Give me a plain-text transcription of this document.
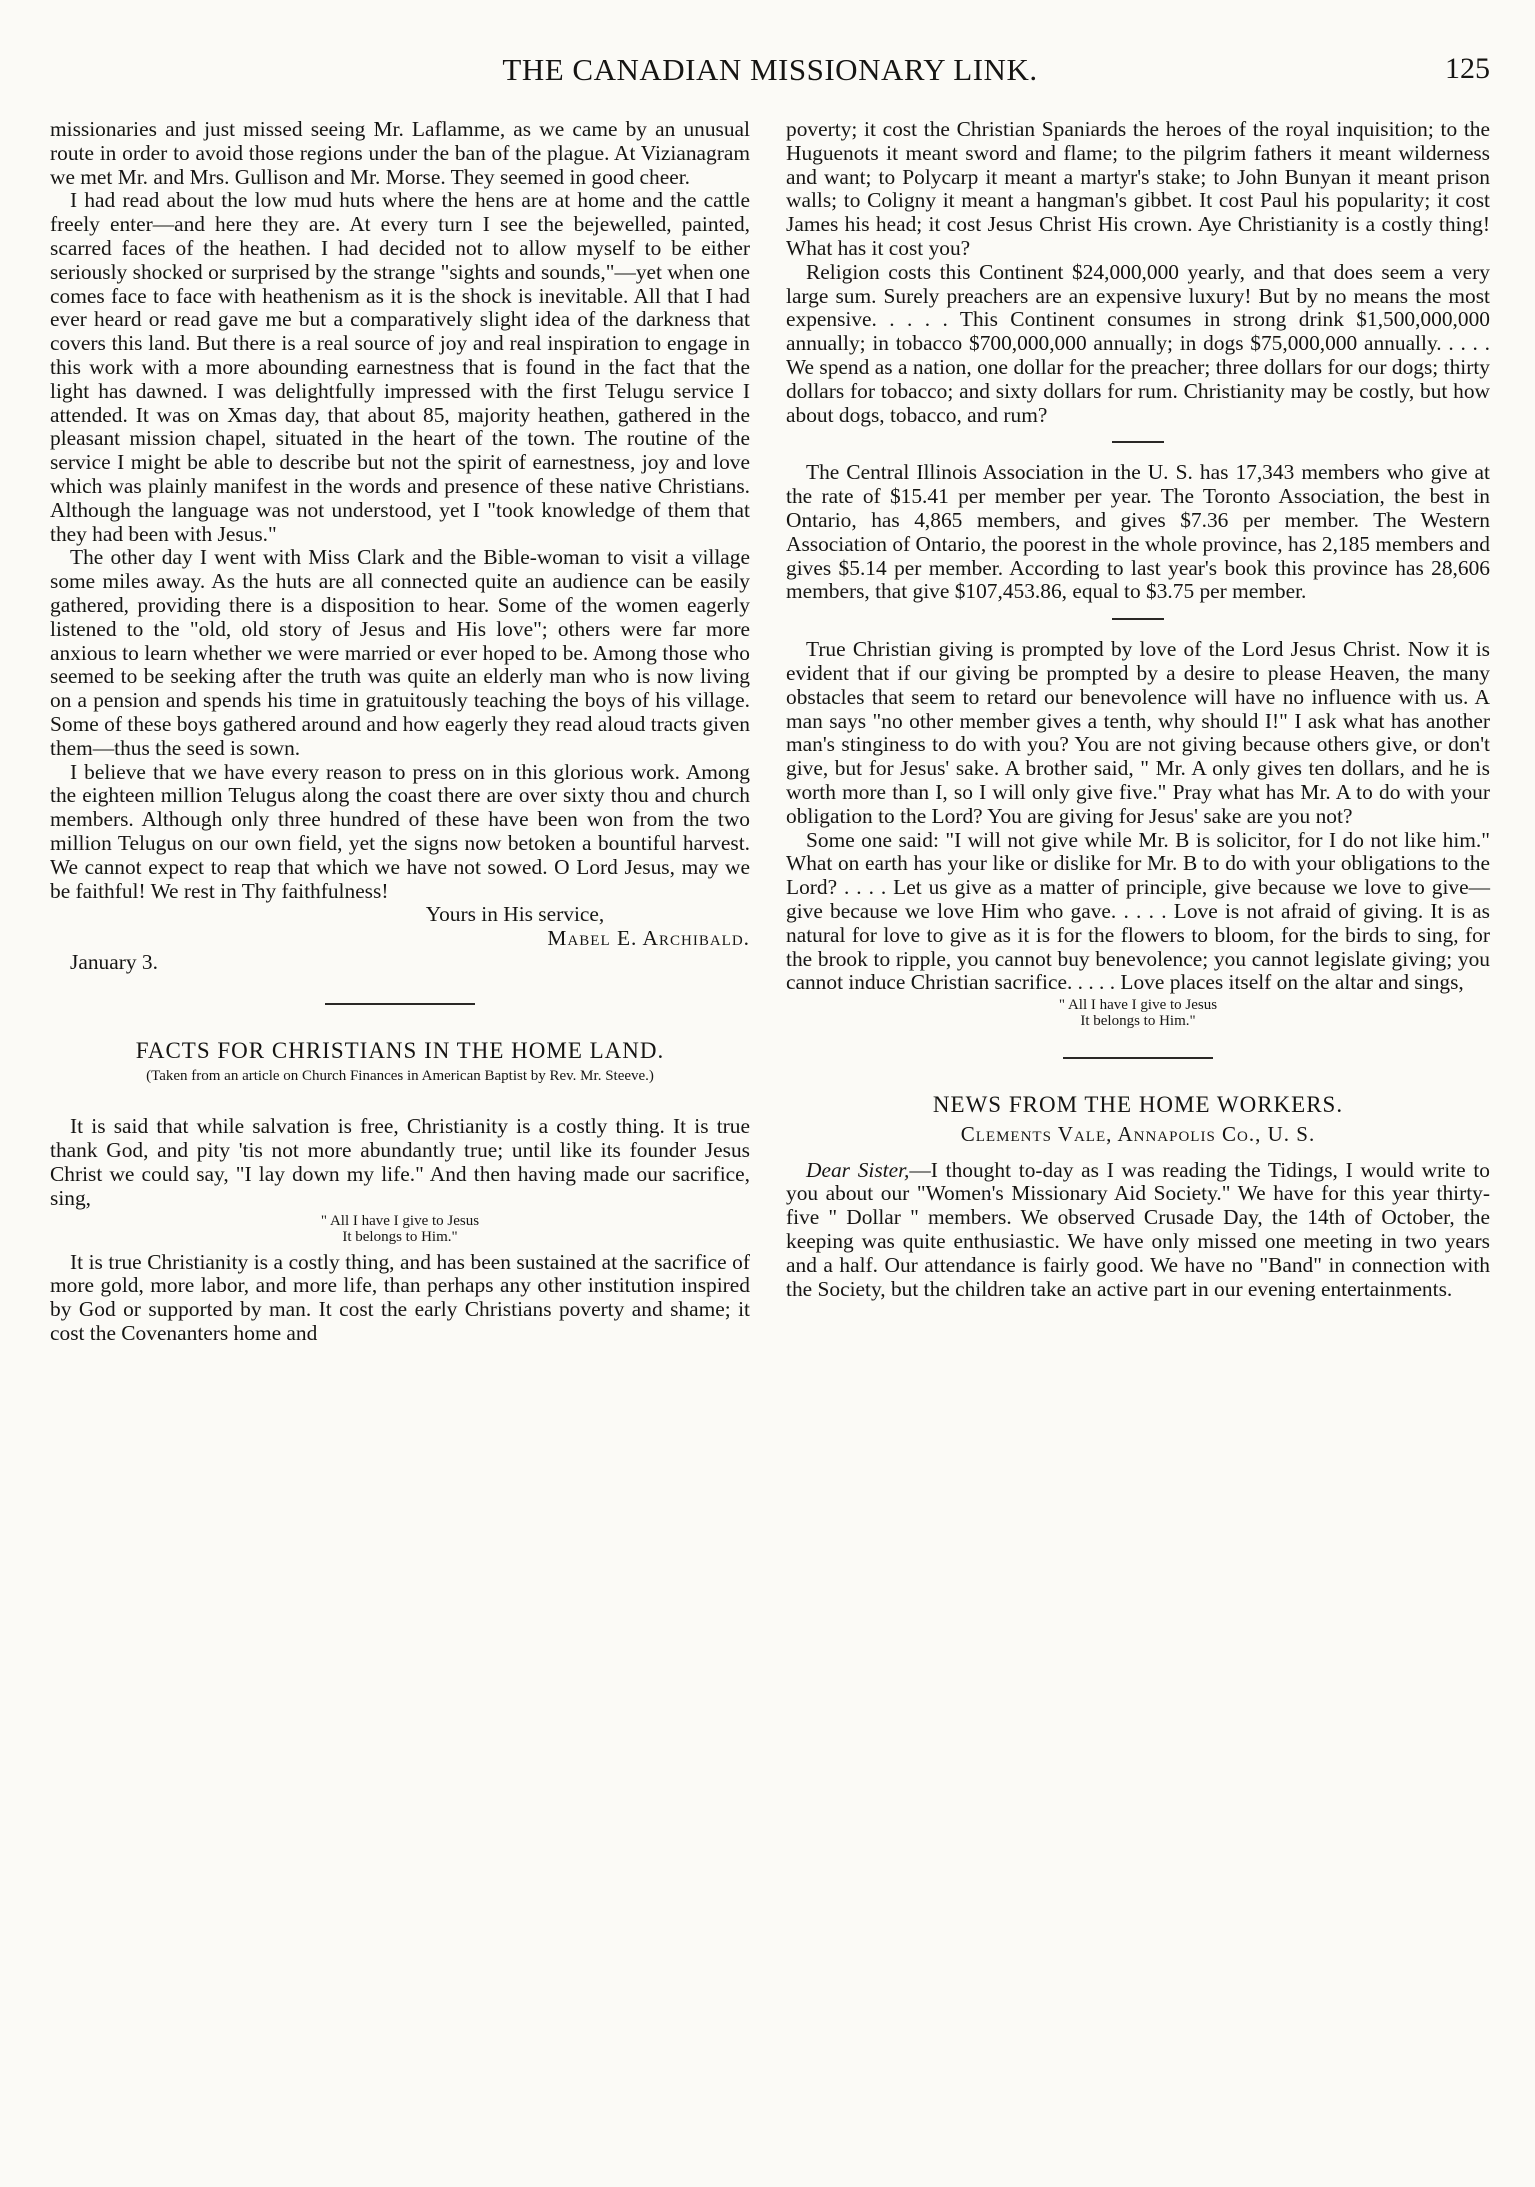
THE CANADIAN MISSIONARY LINK.	125

missionaries and just missed seeing Mr. Laflamme, as we came by an unusual route in order to avoid those regions under the ban of the plague. At Vizianagram we met Mr. and Mrs. Gullison and Mr. Morse. They seemed in good cheer.

I had read about the low mud huts where the hens are at home and the cattle freely enter—and here they are. At every turn I see the bejewelled, painted, scarred faces of the heathen. I had decided not to allow myself to be either seriously shocked or surprised by the strange "sights and sounds,"—yet when one comes face to face with heathenism as it is the shock is inevitable. All that I had ever heard or read gave me but a comparatively slight idea of the darkness that covers this land. But there is a real source of joy and real inspiration to engage in this work with a more abounding earnestness that is found in the fact that the light has dawned. I was delightfully impressed with the first Telugu service I attended. It was on Xmas day, that about 85, majority heathen, gathered in the pleasant mission chapel, situated in the heart of the town. The routine of the service I might be able to describe but not the spirit of earnestness, joy and love which was plainly manifest in the words and presence of these native Christians. Although the language was not understood, yet I "took knowledge of them that they had been with Jesus."

The other day I went with Miss Clark and the Bible-woman to visit a village some miles away. As the huts are all connected quite an audience can be easily gathered, providing there is a disposition to hear. Some of the women eagerly listened to the "old, old story of Jesus and His love"; others were far more anxious to learn whether we were married or ever hoped to be. Among those who seemed to be seeking after the truth was quite an elderly man who is now living on a pension and spends his time in gratuitously teaching the boys of his village. Some of these boys gathered around and how eagerly they read aloud tracts given them—thus the seed is sown.

I believe that we have every reason to press on in this glorious work. Among the eighteen million Telugus along the coast there are over sixty thou and church members. Although only three hundred of these have been won from the two million Telugus on our own field, yet the signs now betoken a bountiful harvest. We cannot expect to reap that which we have not sowed. O Lord Jesus, may we be faithful! We rest in Thy faithfulness!

Yours in His service,
Mabel E. Archibald.

January 3.

FACTS FOR CHRISTIANS IN THE HOME LAND.
(Taken from an article on Church Finances in American Baptist by Rev. Mr. Steeve.)

It is said that while salvation is free, Christianity is a costly thing. It is true thank God, and pity 'tis not more abundantly true; until like its founder Jesus Christ we could say, "I lay down my life." And then having made our sacrifice, sing,

" All I have I give to Jesus
It belongs to Him."

It is true Christianity is a costly thing, and has been sustained at the sacrifice of more gold, more labor, and more life, than perhaps any other institution inspired by God or supported by man. It cost the early Christians poverty and shame; it cost the Covenanters home and

poverty; it cost the Christian Spaniards the heroes of the royal inquisition; to the Huguenots it meant sword and flame; to the pilgrim fathers it meant wilderness and want; to Polycarp it meant a martyr's stake; to John Bunyan it meant prison walls; to Coligny it meant a hangman's gibbet. It cost Paul his popularity; it cost James his head; it cost Jesus Christ His crown. Aye Christianity is a costly thing! What has it cost you?

Religion costs this Continent $24,000,000 yearly, and that does seem a very large sum. Surely preachers are an expensive luxury! But by no means the most expensive. . . . . This Continent consumes in strong drink $1,500,000,000 annually; in tobacco $700,000,000 annually; in dogs $75,000,000 annually. . . . . We spend as a nation, one dollar for the preacher; three dollars for our dogs; thirty dollars for tobacco; and sixty dollars for rum. Christianity may be costly, but how about dogs, tobacco, and rum?

The Central Illinois Association in the U. S. has 17,343 members who give at the rate of $15.41 per member per year. The Toronto Association, the best in Ontario, has 4,865 members, and gives $7.36 per member. The Western Association of Ontario, the poorest in the whole province, has 2,185 members and gives $5.14 per member. According to last year's book this province has 28,606 members, that give $107,453.86, equal to $3.75 per member.

True Christian giving is prompted by love of the Lord Jesus Christ. Now it is evident that if our giving be prompted by a desire to please Heaven, the many obstacles that seem to retard our benevolence will have no influence with us. A man says "no other member gives a tenth, why should I!" I ask what has another man's stinginess to do with you? You are not giving because others give, or don't give, but for Jesus' sake. A brother said, " Mr. A only gives ten dollars, and he is worth more than I, so I will only give five." Pray what has Mr. A to do with your obligation to the Lord? You are giving for Jesus' sake are you not?

Some one said: "I will not give while Mr. B is solicitor, for I do not like him." What on earth has your like or dislike for Mr. B to do with your obligations to the Lord? . . . . Let us give as a matter of principle, give because we love to give—give because we love Him who gave. . . . . Love is not afraid of giving. It is as natural for love to give as it is for the flowers to bloom, for the birds to sing, for the brook to ripple, you cannot buy benevolence; you cannot legislate giving; you cannot induce Christian sacrifice. . . . . Love places itself on the altar and sings,

" All I have I give to Jesus
It belongs to Him."
NEWS FROM THE HOME WORKERS.
Clements Vale, Annapolis Co., U. S.

Dear Sister,—I thought to-day as I was reading the Tidings, I would write to you about our "Women's Missionary Aid Society." We have for this year thirty-five " Dollar " members. We observed Crusade Day, the 14th of October, the keeping was quite enthusiastic. We have only missed one meeting in two years and a half. Our attendance is fairly good. We have no "Band" in connection with the Society, but the children take an active part in our evening entertainments.
